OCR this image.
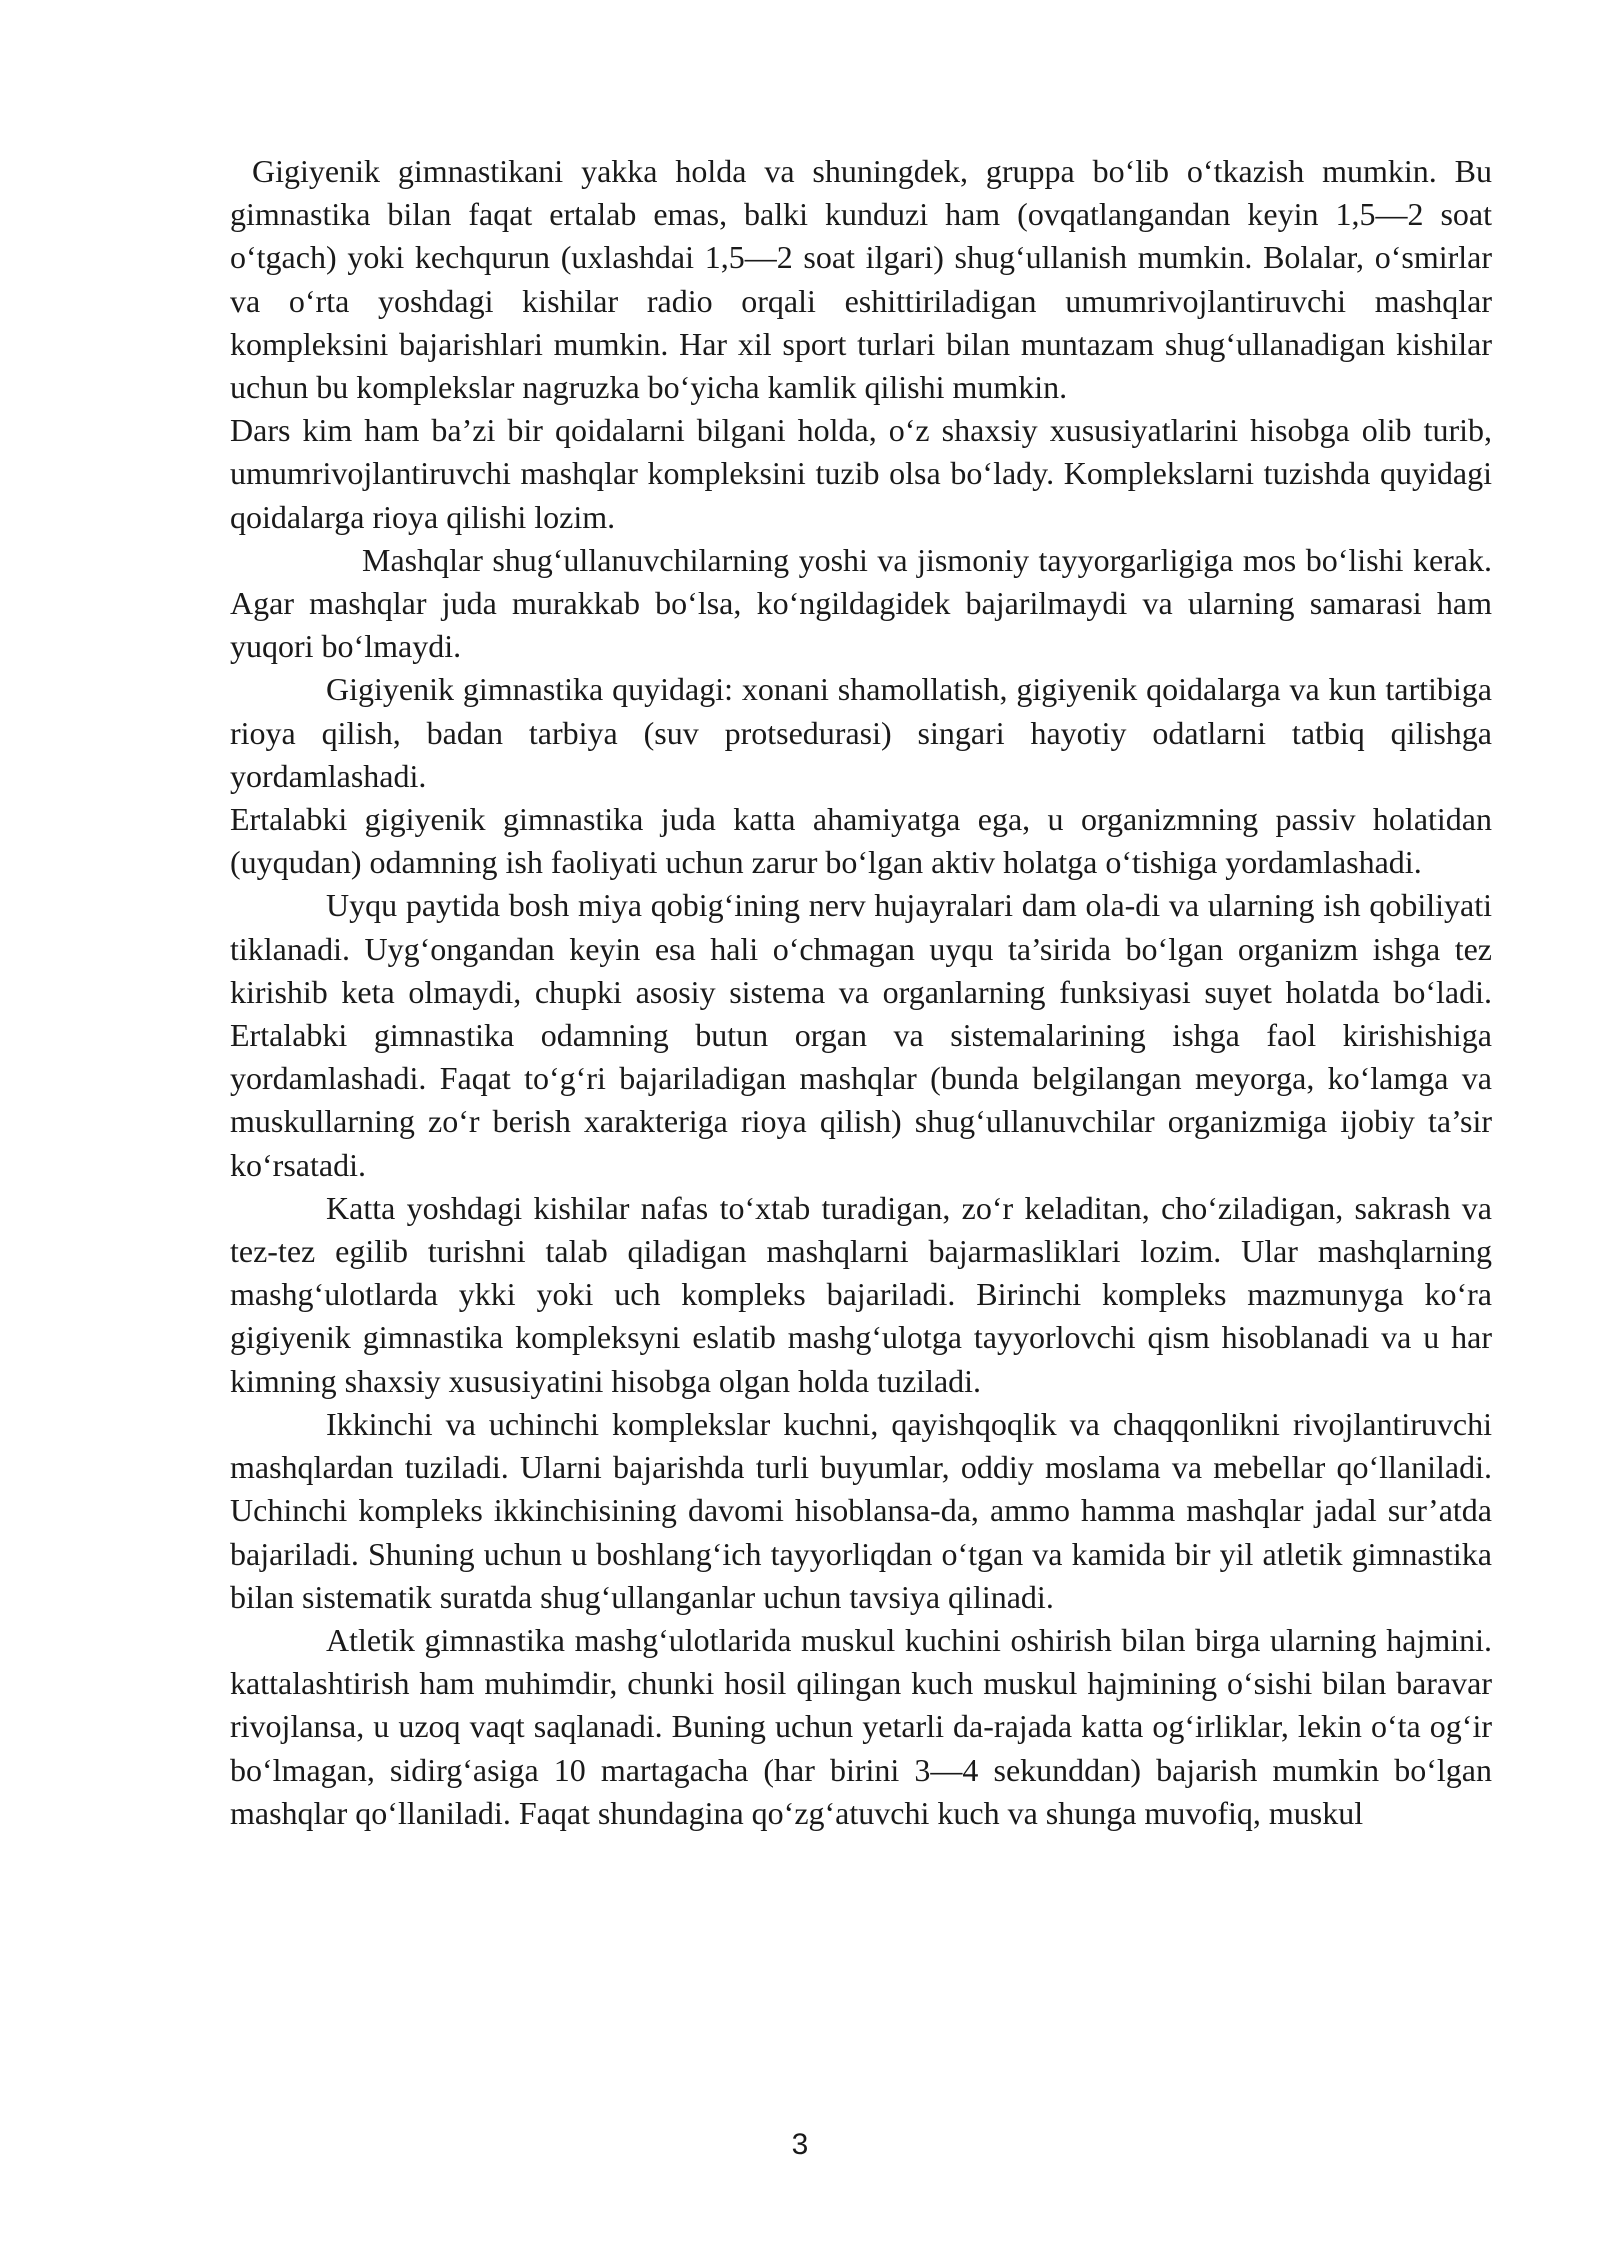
Gigiyenik gimnastikani yakka holda va shuningdek, gruppa bo‘lib o‘tkazish mumkin. Bu gimnastika bilan faqat ertalab emas, balki kunduzi ham (ovqatlangandan keyin 1,5—2 soat o‘tgach) yoki kechqurun (uxlashdai 1,5—2 soat ilgari) shug‘ullanish mumkin. Bolalar, o‘smirlar va o‘rta yoshdagi kishilar radio orqali eshittiriladigan umumrivojlantiruvchi mashqlar kompleksini bajarishlari mumkin. Har xil sport turlari bilan muntazam shug‘ullanadigan kishilar uchun bu komplekslar nagruzka bo‘yicha kamlik qilishi mumkin.

Dars kim ham ba’zi bir qoidalarni bilgani holda, o‘z shaxsiy xususiyatlarini hisobga olib turib, umumrivojlantiruvchi mashqlar kompleksini tuzib olsa bo‘lady. Komplekslarni tuzishda quyidagi qoidalarga rioya qilishi lozim.

Mashqlar shug‘ullanuvchilarning yoshi va jismoniy tayyorgarligiga mos bo‘lishi kerak. Agar mashqlar juda murakkab bo‘lsa, ko‘ngildagidek bajarilmaydi va ularning samarasi ham yuqori bo‘lmaydi.

Gigiyenik gimnastika quyidagi: xonani shamollatish, gigiyenik qoidalarga va kun tartibiga rioya qilish, badan tarbiya (suv protsedurasi) singari hayotiy odatlarni tatbiq qilishga yordamlashadi.

Ertalabki gigiyenik gimnastika juda katta ahamiyatga ega, u organizmning passiv holatidan (uyqudan) odamning ish faoliyati uchun zarur bo‘lgan aktiv holatga o‘tishiga yordamlashadi.

Uyqu paytida bosh miya qobig‘ining nerv hujayralari dam ola-di va ularning ish qobiliyati tiklanadi. Uyg‘ongandan keyin esa hali o‘chmagan uyqu ta’sirida bo‘lgan organizm ishga tez kirishib keta olmaydi, chupki asosiy sistema va organlarning funksiyasi suyet holatda bo‘ladi. Ertalabki gimnastika odamning butun organ va sistemalarining ishga faol kirishishiga yordamlashadi. Faqat to‘g‘ri bajariladigan mashqlar (bunda belgilangan meyorga, ko‘lamga va muskullarning zo‘r berish xarakteriga rioya qilish) shug‘ullanuvchilar organizmiga ijobiy ta’sir ko‘rsatadi.

Katta yoshdagi kishilar nafas to‘xtab turadigan, zo‘r keladitan, cho‘ziladigan, sakrash va tez-tez egilib turishni talab qiladigan mashqlarni bajarmasliklari lozim. Ular mashqlarning mashg‘ulotlarda ykki yoki uch kompleks bajariladi. Birinchi kompleks mazmunyga ko‘ra gigiyenik gimnastika kompleksyni eslatib mashg‘ulotga tayyorlovchi qism hisoblanadi va u har kimning shaxsiy xususiyatini hisobga olgan holda tuziladi.

Ikkinchi va uchinchi komplekslar kuchni, qayishqoqlik va chaqqonlikni rivojlantiruvchi mashqlardan tuziladi. Ularni bajarishda turli buyumlar, oddiy moslama va mebellar qo‘llaniladi. Uchinchi kompleks ikkinchisining davomi hisoblansa-da, ammo hamma mashqlar jadal sur’atda bajariladi. Shuning uchun u boshlang‘ich tayyorliqdan o‘tgan va kamida bir yil atletik gimnastika bilan sistematik suratda shug‘ullanganlar uchun tavsiya qilinadi.

Atletik gimnastika mashg‘ulotlarida muskul kuchini oshirish bilan birga ularning hajmini. kattalashtirish ham muhimdir, chunki hosil qilingan kuch muskul hajmining o‘sishi bilan baravar rivojlansa, u uzoq vaqt saqlanadi. Buning uchun yetarli da-rajada katta og‘irliklar, lekin o‘ta og‘ir bo‘lmagan, sidirg‘asiga 10 martagacha (har birini 3—4 sekunddan) bajarish mumkin bo‘lgan mashqlar qo‘llaniladi. Faqat shundagina qo‘zg‘atuvchi kuch va shunga muvofiq, muskul

3
